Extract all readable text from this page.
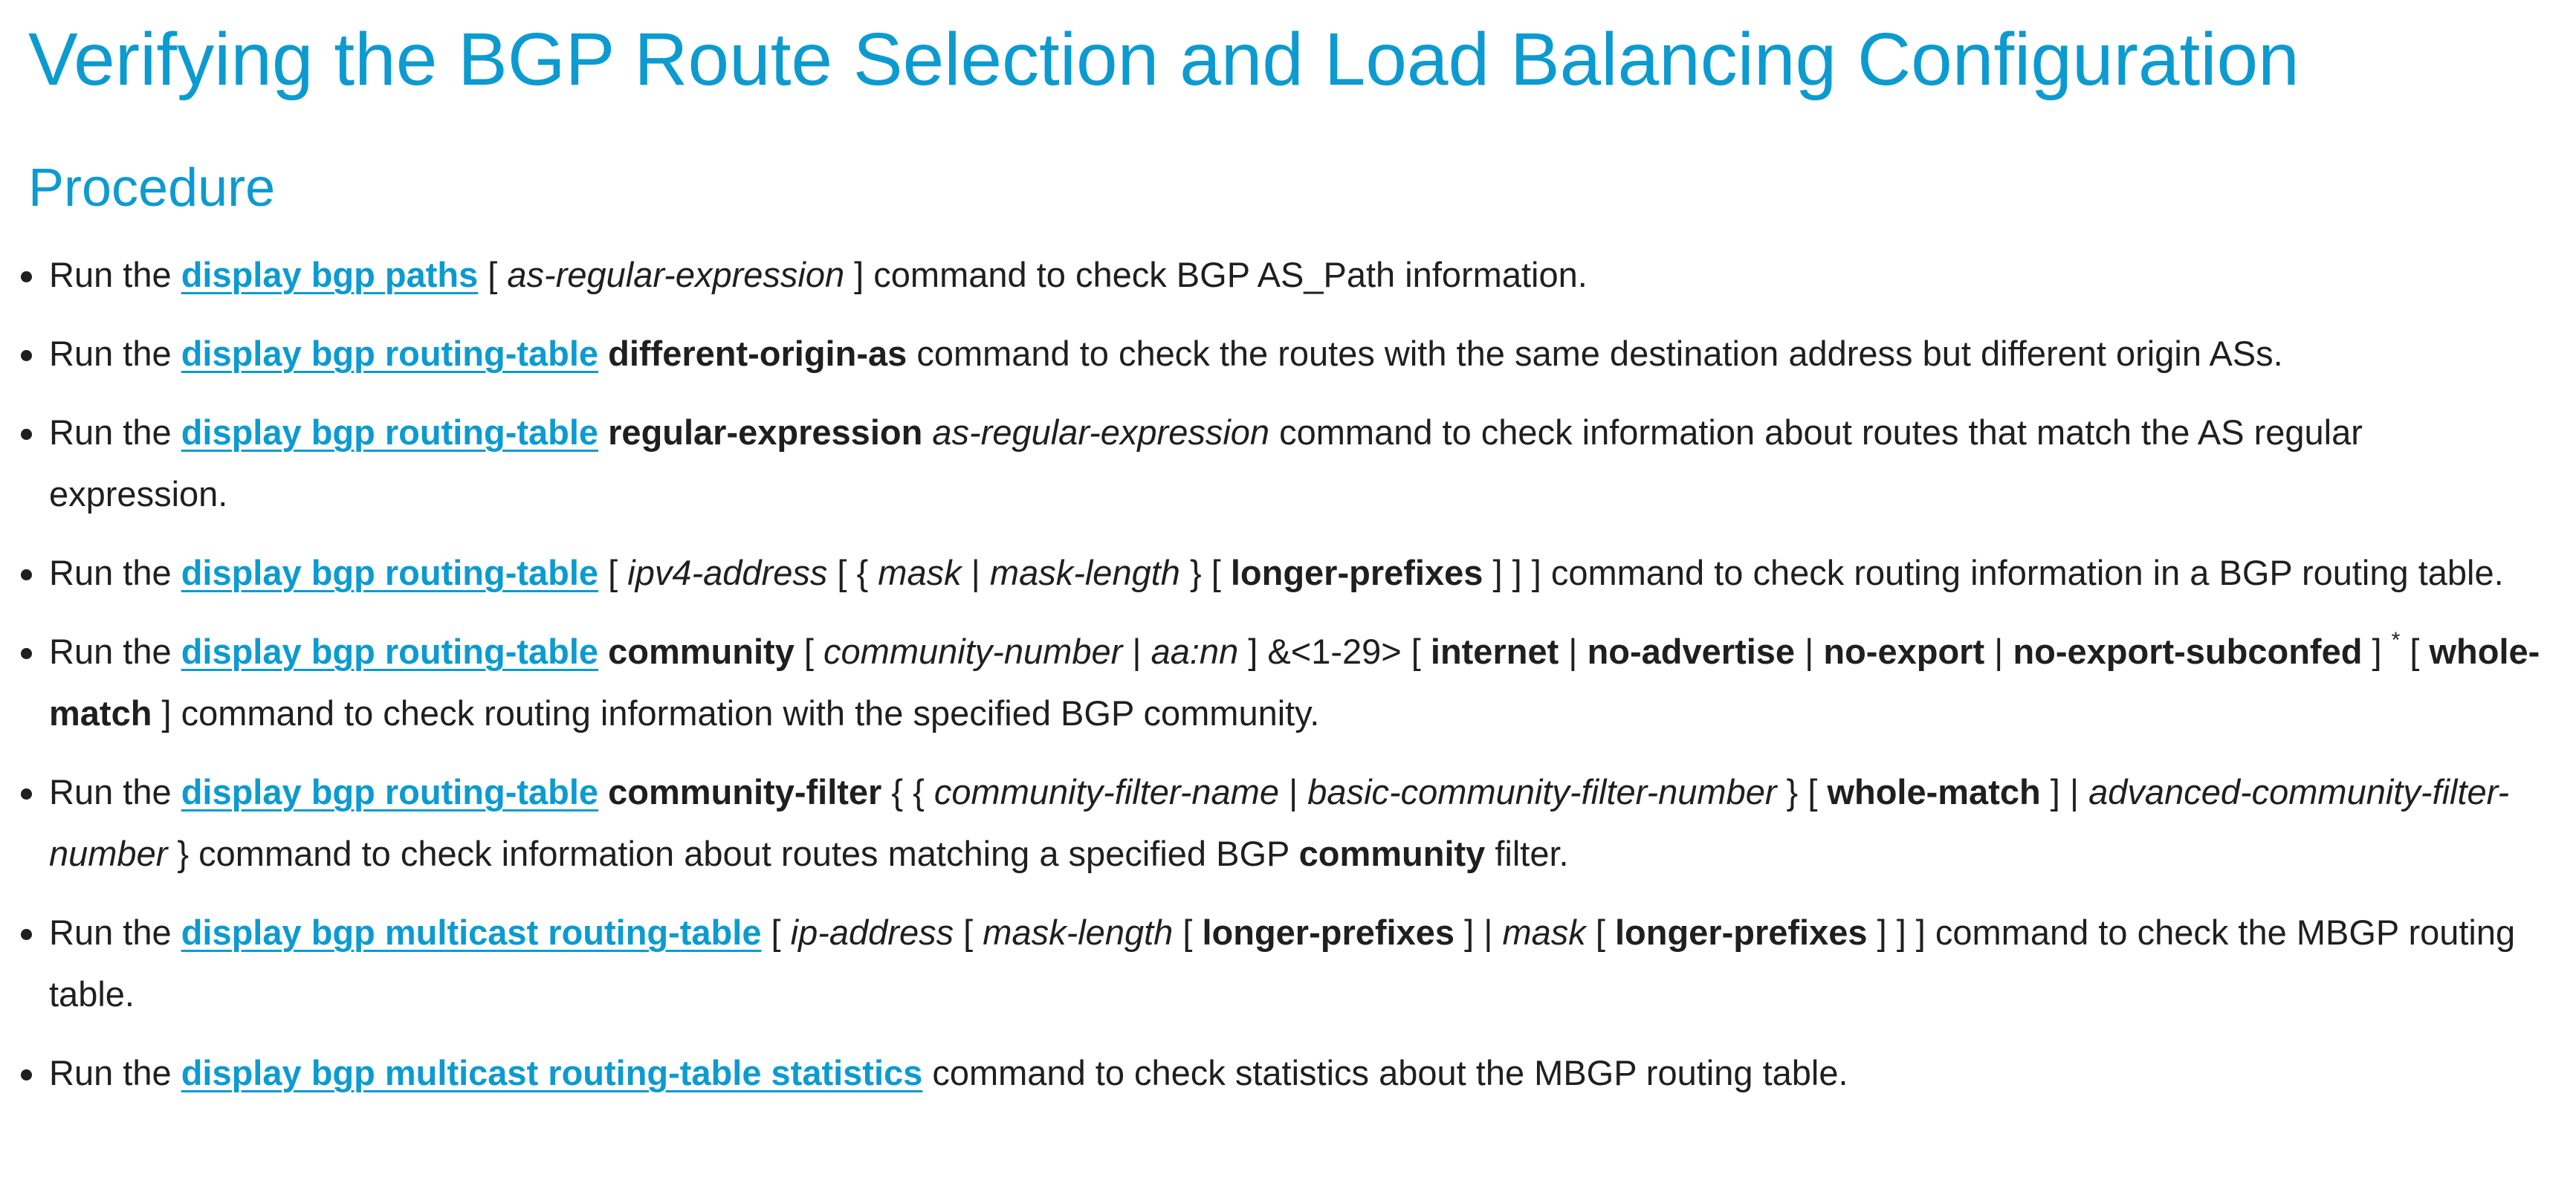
Verifying the BGP Route Selection and Load Balancing Configuration
Procedure
Run the display bgp paths [ as-regular-expression ] command to check BGP AS_Path information.
Run the display bgp routing-table different-origin-as command to check the routes with the same destination address but different origin ASs.
Run the display bgp routing-table regular-expression as-regular-expression command to check information about routes that match the AS regular expression.
Run the display bgp routing-table [ ipv4-address [ { mask | mask-length } [ longer-prefixes ] ] ] command to check routing information in a BGP routing table.
Run the display bgp routing-table community [ community-number | aa:nn ] &<1-29> [ internet | no-advertise | no-export | no-export-subconfed ] * [ whole-match ] command to check routing information with the specified BGP community.
Run the display bgp routing-table community-filter { { community-filter-name | basic-community-filter-number } [ whole-match ] | advanced-community-filter-number } command to check information about routes matching a specified BGP community filter.
Run the display bgp multicast routing-table [ ip-address [ mask-length [ longer-prefixes ] | mask [ longer-prefixes ] ] ] command to check the MBGP routing table.
Run the display bgp multicast routing-table statistics command to check statistics about the MBGP routing table.
